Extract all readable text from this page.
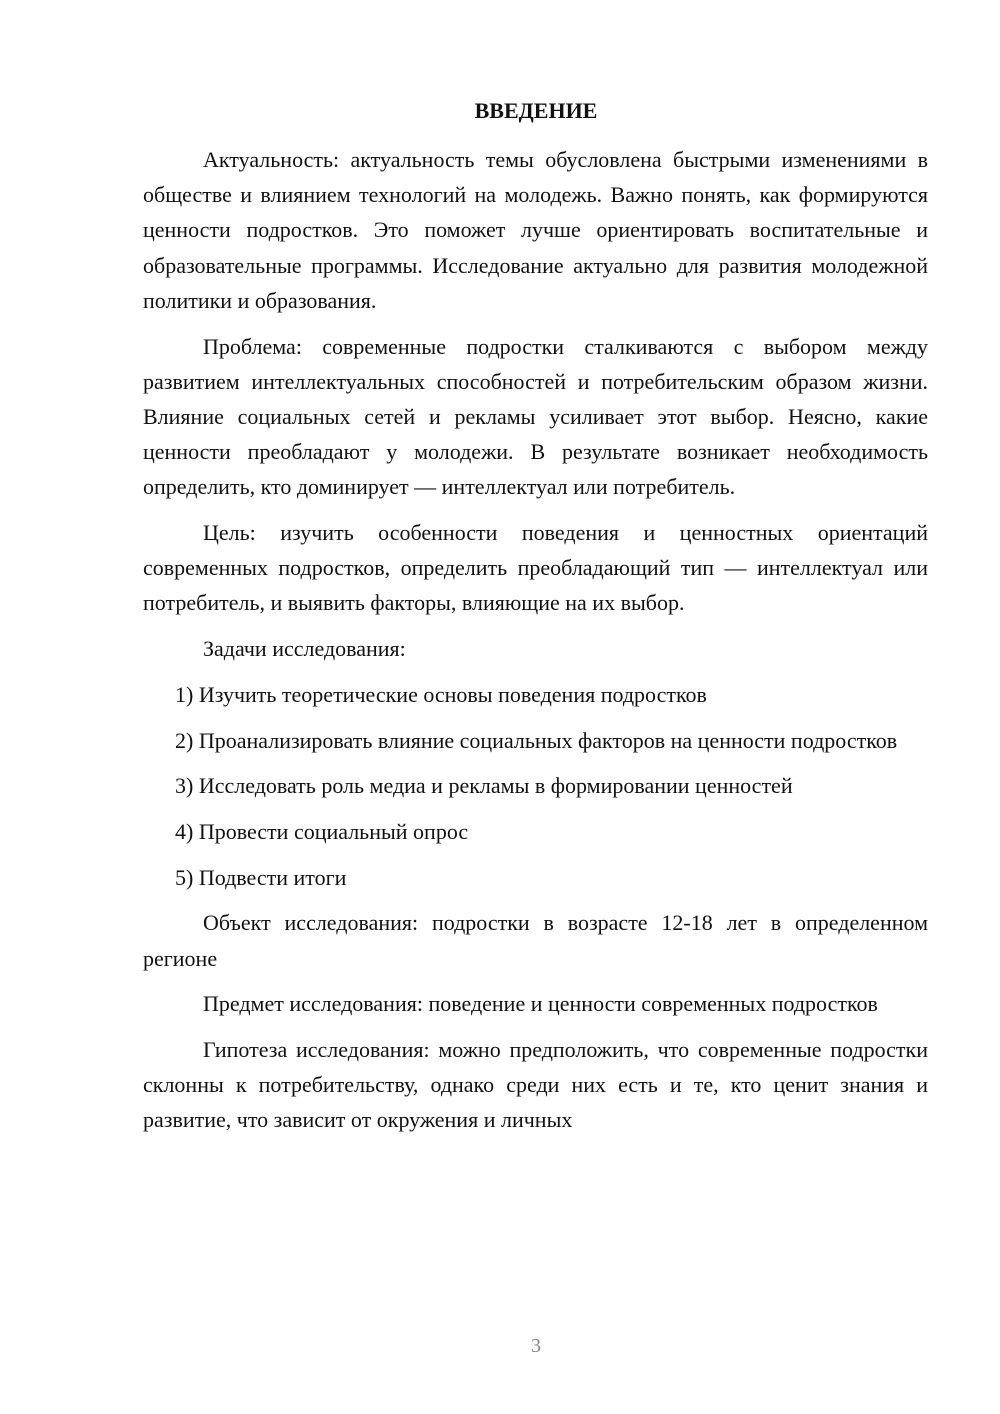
ВВЕДЕНИЕ

Актуальность: актуальность темы обусловлена быстрыми изменениями в обществе и влиянием технологий на молодежь. Важно понять, как формируются ценности подростков. Это поможет лучше ориентировать воспитательные и образовательные программы. Исследование актуально для развития молодежной политики и образования.

Проблема: современные подростки сталкиваются с выбором между развитием интеллектуальных способностей и потребительским образом жизни. Влияние социальных сетей и рекламы усиливает этот выбор. Неясно, какие ценности преобладают у молодежи. В результате возникает необходимость определить, кто доминирует — интеллектуал или потребитель.

Цель: изучить особенности поведения и ценностных ориентаций современных подростков, определить преобладающий тип — интеллектуал или потребитель, и выявить факторы, влияющие на их выбор.

Задачи исследования:

1) Изучить теоретические основы поведения подростков

2) Проанализировать влияние социальных факторов на ценности подростков

3) Исследовать роль медиа и рекламы в формировании ценностей

4) Провести социальный опрос

5) Подвести итоги

Объект исследования: подростки в возрасте 12-18 лет в определенном регионе

Предмет исследования: поведение и ценности современных подростков

Гипотеза исследования: можно предположить, что современные подростки склонны к потребительству, однако среди них есть и те, кто ценит знания и развитие, что зависит от окружения и личных

3
